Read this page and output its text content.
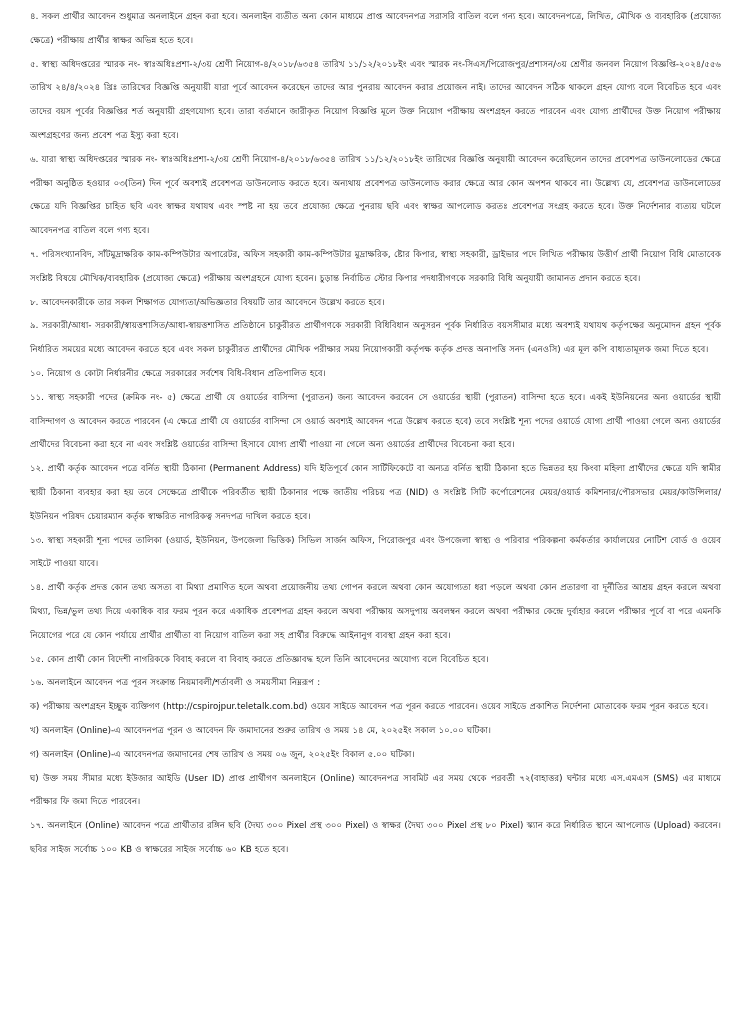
৪. সকল প্রার্থীর আবেদন শুধুমাত্র অনলাইনে গ্রহন করা হবে। অনলাইন ব্যতীত অন্য কোন মাধ্যমে প্রাপ্ত আবেদনপত্র সরাসরি বাতিল বলে গন্য হবে। আবেদনপত্রে, লিখিত, মৌখিক ও ব্যবহারিক (প্রযোজ্য ক্ষেত্রে) পরীক্ষায় প্রার্থীর স্বাক্ষর অভিন্ন হতে হবে।

৫. স্বাস্থ্য অধিদপ্তরের স্মারক নং- স্বাঃঅধিঃপ্রশা-২/৩য় শ্রেণী নিয়োগ-৪/২০১৮/৬৩৫৪ তারিখ ১১/১২/২০১৮ইং এবং স্মারক নং-সিএস/পিরোজপুর/প্রশাসন/৩য় শ্রেণীর জনবল নিয়োগ বিজ্ঞপ্তি-২০২৪/৫৫৬ তারিখ ২৪/৪/২০২৪ খ্রিঃ তারিখের বিজ্ঞপ্তি অনুযায়ী যারা পূর্বে আবেদন করেছেন তাদের আর পুনরায় আবেদন করার প্রয়োজন নাই। তাদের আবেদন সঠিক থাকলে গ্রহন যোগ্য বলে বিবেচিত হবে এবং তাদের বয়স পূর্বের বিজ্ঞপ্তির শর্ত অনুযায়ী গ্রহণযোগ্য হবে। তারা বর্তমানে জারীকৃত নিয়োগ বিজ্ঞপ্তি মূলে উক্ত নিয়োগ পরীক্ষায় অংশগ্রহন করতে পারবেন এবং যোগ্য প্রার্থীদের উক্ত নিয়োগ পরীক্ষায় অংশগ্রহণের জন্য প্রবেশ পত্র ইস্যু করা হবে।

৬. যারা স্বাস্থ্য অধিদপ্তরের স্মারক নং- স্বাঃঅধিঃপ্রশা-২/৩য় শ্রেণী নিয়োগ-৪/২০১৮/৬৩৫৪ তারিখ ১১/১২/২০১৮ইং তারিখের বিজ্ঞপ্তি অনুযায়ী আবেদন করেছিলেন তাদের প্রবেশপত্র ডাউনলোডের ক্ষেত্রে পরীক্ষা অনুষ্ঠিত হওয়ার ০৩(তিন) দিন পূর্বে অবশ্যই প্রবেশপত্র ডাউনলোড করতে হবে। অন্যথায় প্রবেশপত্র ডাউনলোড করার ক্ষেত্রে আর কোন অপশন থাকবে না। উল্লেখ্য যে, প্রবেশপত্র ডাউনলোডের ক্ষেত্রে যদি বিজ্ঞপ্তির চাহিত ছবি এবং স্বাক্ষর যথাযথ এবং স্পষ্ট না হয় তবে প্রযোজ্য ক্ষেত্রে পুনরায় ছবি এবং স্বাক্ষর আপলোড করতঃ প্রবেশপত্র সংগ্রহ করতে হবে। উক্ত নির্দেশনার ব্যত্যয় ঘটলে আবেদনপত্র বাতিল বলে গণ্য হবে।

৭. পরিসংখ্যানবিদ, সাঁটমুদ্রাক্ষরিক কাম-কম্পিউটার অপারেটর, অফিস সহকারী কাম-কম্পিউটার মুদ্রাক্ষরিক, ষ্টোর কিপার, স্বাস্থ্য সহকারী, ড্রাইভার পদে লিখিত পরীক্ষায় উত্তীর্ণ প্রার্থী নিয়োগ বিধি মোতাবেক সংশ্লিষ্ট বিষয়ে মৌখিক/ব্যবহারিক (প্রযোজ্য ক্ষেত্রে) পরীক্ষায় অংশগ্রহনে যোগ্য হবেন। চুড়ান্ত নির্বাচিত স্টোর কিপার পদধারীগণকে সরকারি বিধি অনুযায়ী জামানত প্রদান করতে হবে।

৮. আবেদনকারীকে তার সকল শিক্ষাগত যোগ্যতা/অভিজ্ঞতার বিষয়টি তার আবেদনে উল্লেখ করতে হবে।

৯. সরকারী/আধা- সরকারী/স্বায়ত্তশাসিত/আধা-স্বায়ত্তশাসিত প্রতিষ্ঠানে চাকুরীরত প্রার্থীগণকে সরকারী বিধিবিধান অনুসরন পূর্বক নির্ধারিত বয়সসীমার মধ্যে অবশ্যই যথাযথ কর্তৃপক্ষের অনুমোদন গ্রহন পূর্বক নির্ধারিত সময়ের মধ্যে আবেদন করতে হবে এবং সকল চাকুরীরত প্রার্থীদের মৌখিক পরীক্ষার সময় নিয়োগকারী কর্তৃপক্ষ কর্তৃক প্রদত্ত অনাপত্তি সনদ (এনওসি) এর মূল কপি বাধ্যতামূলক জমা দিতে হবে।

১০. নিয়োগ ও কোটা নির্ধারনীর ক্ষেত্রে সরকারের সর্বশেষ বিধি-বিধান প্রতিপালিত হবে।

১১. স্বাস্থ্য সহকারী পদের (ক্রমিক নং- ৫) ক্ষেত্রে প্রার্থী যে ওয়ার্ডের বাসিন্দা (পুরাতন) জন্য আবেদন করবেন সে ওয়ার্ডের স্থায়ী (পুরাতন) বাসিন্দা হতে হবে। একই ইউনিয়নের অন্য ওয়ার্ডের স্থায়ী বাসিন্দাগণ ও আবেদন করতে পারবেন (এ ক্ষেত্রে প্রার্থী যে ওয়ার্ডের বাসিন্দা সে ওয়ার্ড অবশ্যই আবেদন পত্রে উল্লেখ করতে হবে) তবে সংশ্লিষ্ট শূন্য পদের ওয়ার্ডে যোগ্য প্রার্থী পাওয়া গেলে অন্য ওয়ার্ডের প্রার্থীদের বিবেচনা করা হবে না এবং সংশ্লিষ্ট ওয়ার্ডের বাসিন্দা হিসাবে যোগ্য প্রার্থী পাওয়া না গেলে অন্য ওয়ার্ডের প্রার্থীদের বিবেচনা করা হবে।

১২. প্রার্থী কর্তৃক আবেদন পত্রে বর্নিত স্থায়ী ঠিকানা (Permanent Address) যদি ইতিপূর্বে কোন সার্টিফিকেটে বা অন্যত্র বর্নিত স্থায়ী ঠিকানা হতে ভিন্নতর হয় কিংবা মহিলা প্রার্থীদের ক্ষেত্রে যদি স্বামীর স্থায়ী ঠিকানা ব্যবহার করা হয় তবে সেক্ষেত্রে প্রার্থীকে পরিবর্তীত স্থায়ী ঠিকানার পক্ষে জাতীয় পরিচয় পত্র (NID) ও সংশ্লিষ্ট সিটি কর্পোরেশনের মেয়র/ওয়ার্ড কমিশনার/পৌরসভার মেয়র/কাউন্সিলার/ইউনিয়ন পরিষদ চেয়ারম্যান কর্তৃক স্বাক্ষরিত নাগরিকত্ব সনদপত্র দাখিল করতে হবে।

১৩. স্বাস্থ্য সহকারী শূন্য পদের তালিকা (ওয়ার্ড, ইউনিয়ন, উপজেলা ভিত্তিক) সিভিল সার্জন অফিস, পিরোজপুর এবং উপজেলা স্বাস্থ্য ও পরিবার পরিকল্পনা কর্মকর্তার কার্যালয়ের নোটিশ বোর্ড ও ওয়েব সাইটে পাওয়া যাবে।

১৪. প্রার্থী কর্তৃক প্রদত্ত কোন তথ্য অসত্য বা মিথ্যা প্রমাণিত হলে অথবা প্রয়োজনীয় তথ্য গোপন করলে অথবা কোন অযোগ্যতা ধরা পড়লে অথবা কোন প্রতারণা বা দূর্নীতির আশ্রয় গ্রহন করলে অথবা মিথ্যা, ভিন্ন/ভুল তথ্য দিয়ে একাধিক বার ফরম পূরন করে একাধিক প্রবেশপত্র গ্রহন করলে অথবা পরীক্ষায় অসদুপায় অবলম্বন করলে অথবা পরীক্ষার কেন্দ্রে দুর্ব্যহার করলে পরীক্ষার পূর্বে বা পরে এমনকি নিয়োগের পরে যে কোন পর্যায়ে প্রার্থীর প্রার্থীতা বা নিয়োগ বাতিল করা সহ প্রার্থীর বিরুদ্ধে আইনানুগ ব্যবস্থা গ্রহন করা হবে।

১৫. কোন প্রার্থী কোন বিদেশী নাগরিককে বিবাহ করলে বা বিবাহ করতে প্রতিজ্ঞাবদ্ধ হলে তিনি আবেদনের অযোগ্য বলে বিবেচিত হবে।

১৬. অনলাইনে আবেদন পত্র পূরন সংক্রান্ত নিয়মাবলী/শর্তাবলী ও সময়সীমা নিম্নরূপ :

ক) পরীক্ষায় অংশগ্রহন ইচ্ছুক ব্যক্তিগণ (http://cspirojpur.teletalk.com.bd) ওয়েব সাইডে আবেদন পত্র পূরন করতে পারবেন। ওয়েব সাইডে প্রকাশিত নির্দেশনা মোতাবেক ফরম পূরন করতে হবে।

খ) অনলাইন (Online)-এ আবেদনপত্র পূরন ও আবেদন ফি জমাদানের শুরুর তারিখ ও সময় ১৪ মে, ২০২৫ইং সকাল ১০.০০ ঘটিকা।

গ) অনলাইন (Online)-এ আবেদনপত্র জমাদানের শেষ তারিখ ও সময় ০৬ জুন, ২০২৫ইং বিকাল ৫.০০ ঘটিকা।

ঘ) উক্ত সময় সীমার মধ্যে ইউজার আইডি (User ID) প্রাপ্ত প্রার্থীগণ অনলাইনে (Online) আবেদনপত্র সাবমিট এর সময় থেকে পরবর্তী ৭২(বাহাত্তর) ঘন্টার মধ্যে এস.এমএস (SMS) এর মাধ্যমে পরীক্ষার ফি জমা দিতে পারবেন।

১৭. অনলাইনে (Online) আবেদন পত্রে প্রার্থীতার রঙ্গিন ছবি (দৈঘ্য ৩০০ Pixel প্রস্থ ৩০০ Pixel) ও স্বাক্ষর (দৈঘ্য ৩০০ Pixel প্রস্থ ৮০ Pixel) স্ক্যান করে নির্ধারিত স্থানে আপলোড (Upload) করবেন। ছবির সাইজ সর্বোচ্চ ১০০ KB ও স্বাক্ষরের সাইজ সর্বোচ্চ ৬০ KB হতে হবে।
